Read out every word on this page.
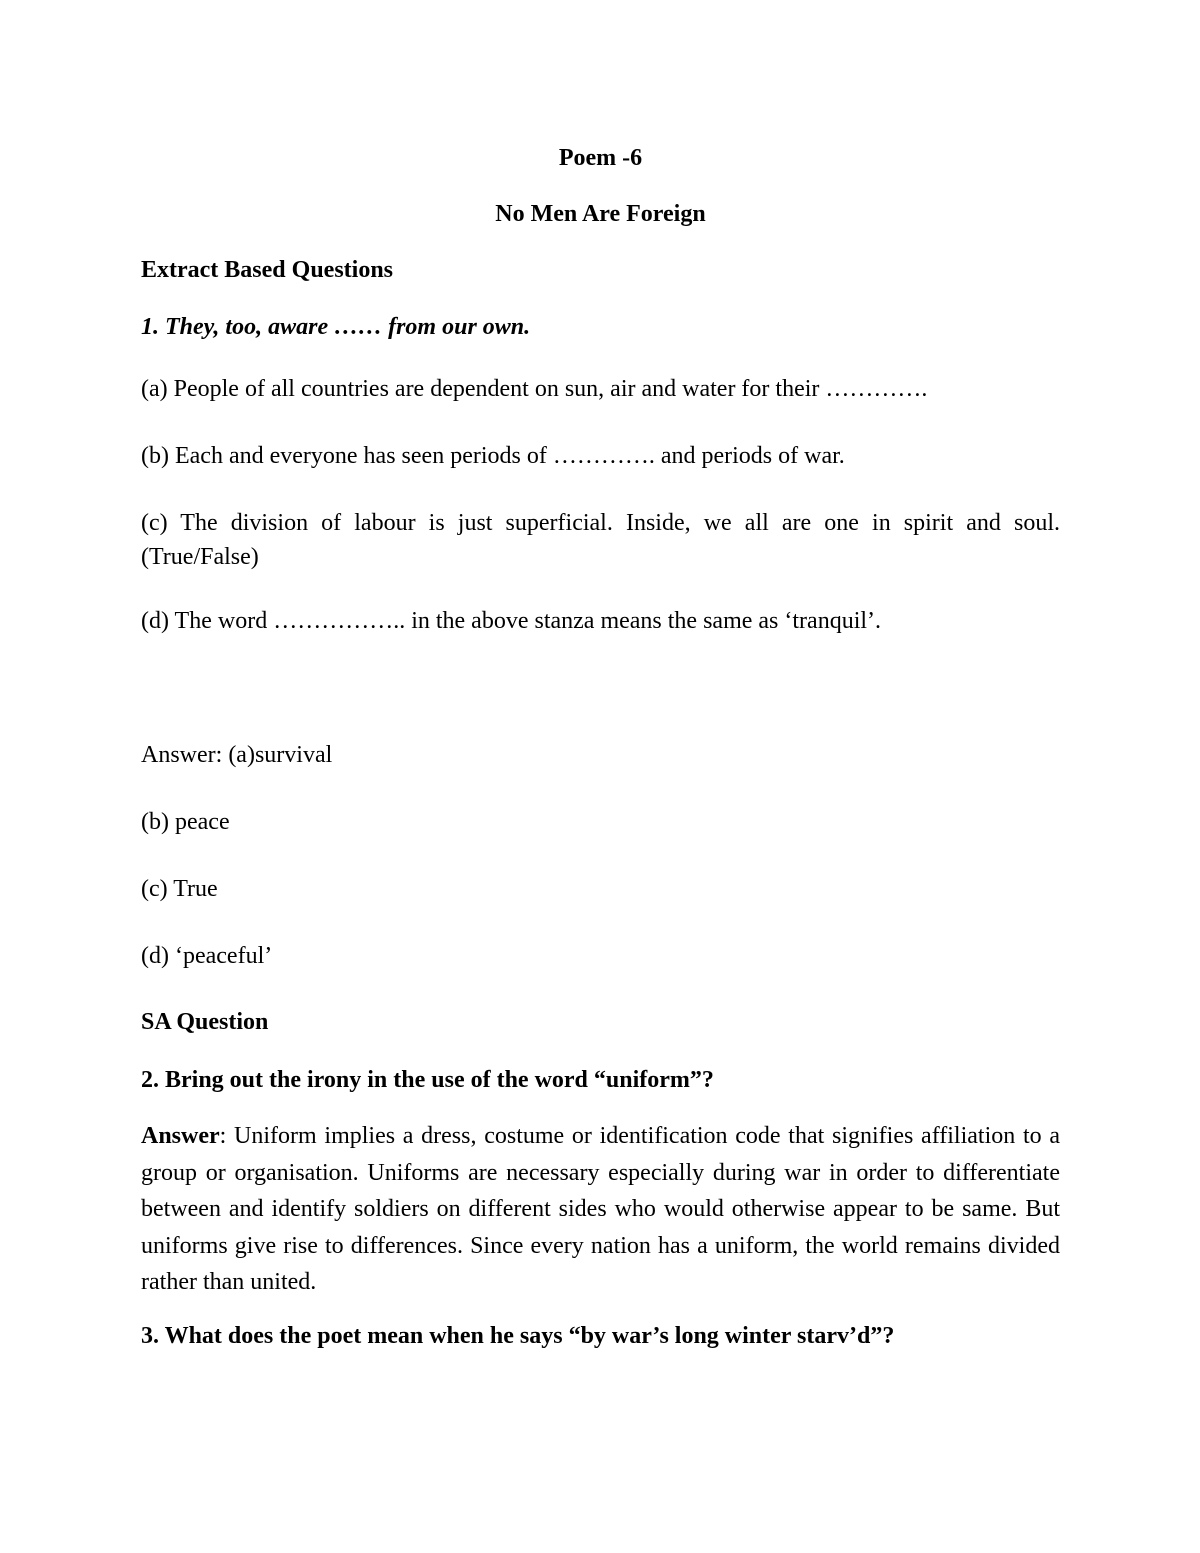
Poem -6

No Men Are Foreign

Extract Based Questions

1. They, too, aware …… from our own.

(a) People of all countries are dependent on sun, air and water for their ………….

(b) Each and everyone has seen periods of …………. and periods of war.

(c) The division of labour is just superficial. Inside, we all are one in spirit and soul. (True/False)

(d) The word …………….. in the above stanza means the same as ‘tranquil’.

Answer: (a)survival

(b) peace

(c) True

(d) ‘peaceful’

SA Question

2. Bring out the irony in the use of the word “uniform”?

Answer: Uniform implies a dress, costume or identification code that signifies affiliation to a group or organisation. Uniforms are necessary especially during war in order to differentiate between and identify soldiers on different sides who would otherwise appear to be same. But uniforms give rise to differences. Since every nation has a uniform, the world remains divided rather than united.

3. What does the poet mean when he says “by war’s long winter starv’d”?
